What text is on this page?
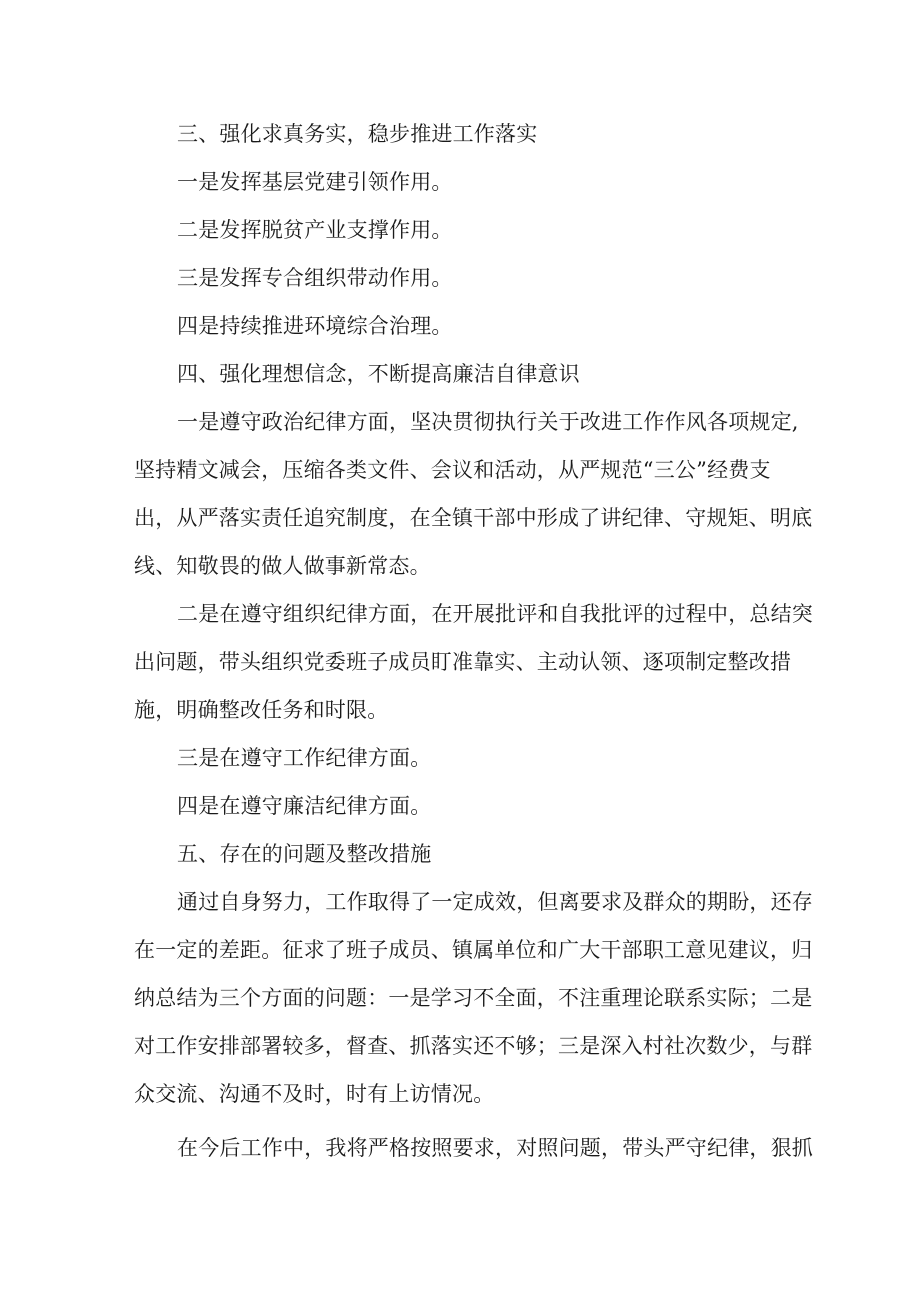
三、强化求真务实，稳步推进工作落实

一是发挥基层党建引领作用。

二是发挥脱贫产业支撑作用。

三是发挥专合组织带动作用。

四是持续推进环境综合治理。

四、强化理想信念，不断提高廉洁自律意识

一是遵守政治纪律方面，坚决贯彻执行关于改进工作作风各项规定,

坚持精文减会，压缩各类文件、会议和活动，从严规范“三公”经费支

出，从严落实责任追究制度，在全镇干部中形成了讲纪律、守规矩、明底

线、知敬畏的做人做事新常态。

二是在遵守组织纪律方面，在开展批评和自我批评的过程中，总结突

出问题，带头组织党委班子成员盯准靠实、主动认领、逐项制定整改措

施，明确整改任务和时限。

三是在遵守工作纪律方面。

四是在遵守廉洁纪律方面。

五、存在的问题及整改措施

通过自身努力，工作取得了一定成效，但离要求及群众的期盼，还存

在一定的差距。征求了班子成员、镇属单位和广大干部职工意见建议，归

纳总结为三个方面的问题：一是学习不全面，不注重理论联系实际；二是

对工作安排部署较多，督查、抓落实还不够；三是深入村社次数少，与群

众交流、沟通不及时，时有上访情况。

在今后工作中，我将严格按照要求，对照问题，带头严守纪律，狠抓
